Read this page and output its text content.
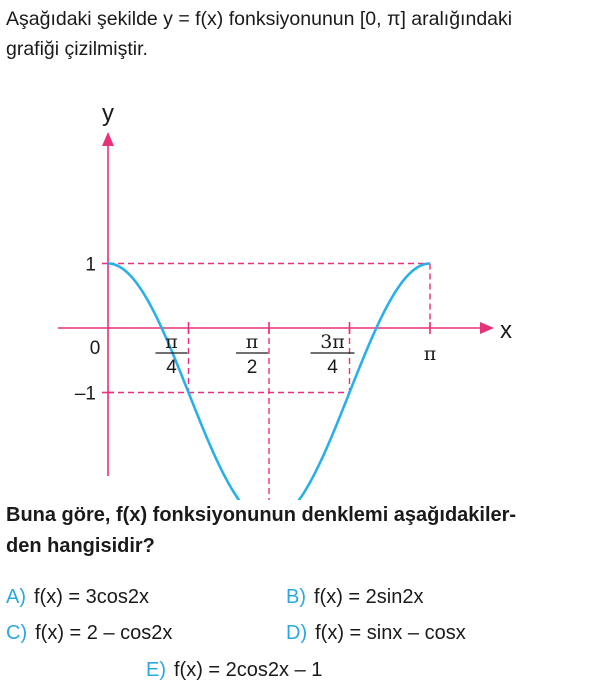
Aşağıdaki şekilde y = f(x) fonksiyonunun [0, π] aralığındaki
grafiği çizilmiştir.

y
x
0
1
–1
π
4
π
2
3π
4
π

Buna göre, f(x) fonksiyonunun denklemi aşağıdakiler-
den hangisidir?

A) f(x) = 3cos2x	B) f(x) = 2sin2x
C) f(x) = 2 – cos2x	D) f(x) = sinx – cosx
E) f(x) = 2cos2x – 1
